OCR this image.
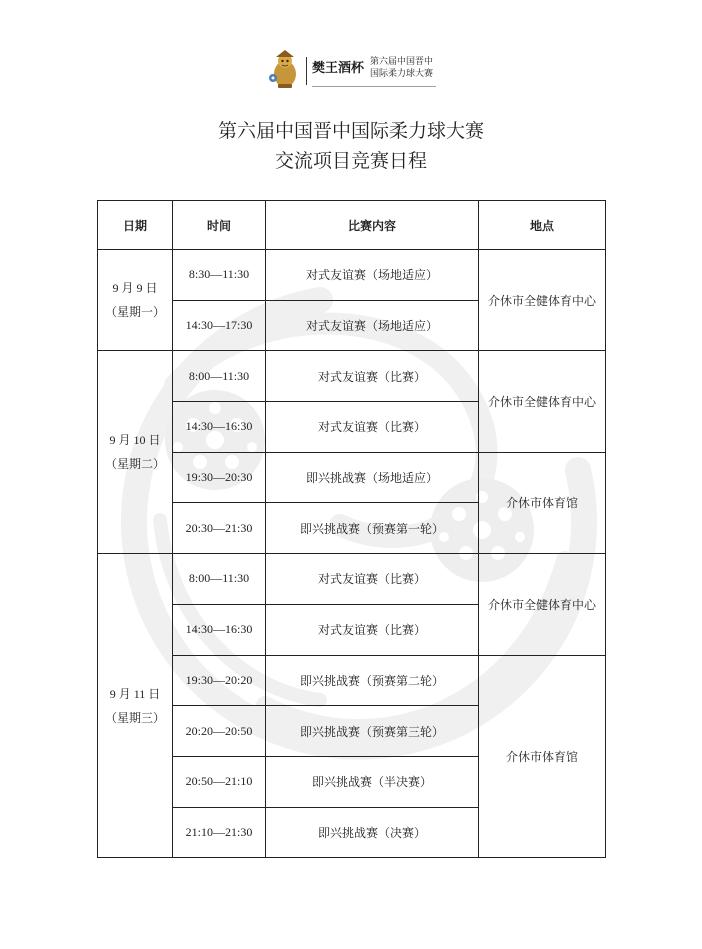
樊王酒杯 第六届中国晋中
国际柔力球大赛
第六届中国晋中国际柔力球大赛
交流项目竞赛日程
日期	时间	比赛内容	地点

9 月 9 日
（星期一）	8:30—11:30	对式友谊赛（场地适应）	介休市全健体育中心
	14:30—17:30	对式友谊赛（场地适应）	

9 月 10 日
（星期二）	8:00—11:30	对式友谊赛（比赛）	介休市全健体育中心
	14:30—16:30	对式友谊赛（比赛）	
	19:30—20:30	即兴挑战赛（场地适应）	介休市体育馆
	20:30—21:30	即兴挑战赛（预赛第一轮）	

9 月 11 日
（星期三）	8:00—11:30	对式友谊赛（比赛）	介休市全健体育中心
	14:30—16:30	对式友谊赛（比赛）	
	19:30—20:20	即兴挑战赛（预赛第二轮）	介休市体育馆
	20:20—20:50	即兴挑战赛（预赛第三轮）	
	20:50—21:10	即兴挑战赛（半决赛）	
	21:10—21:30	即兴挑战赛（决赛）	
